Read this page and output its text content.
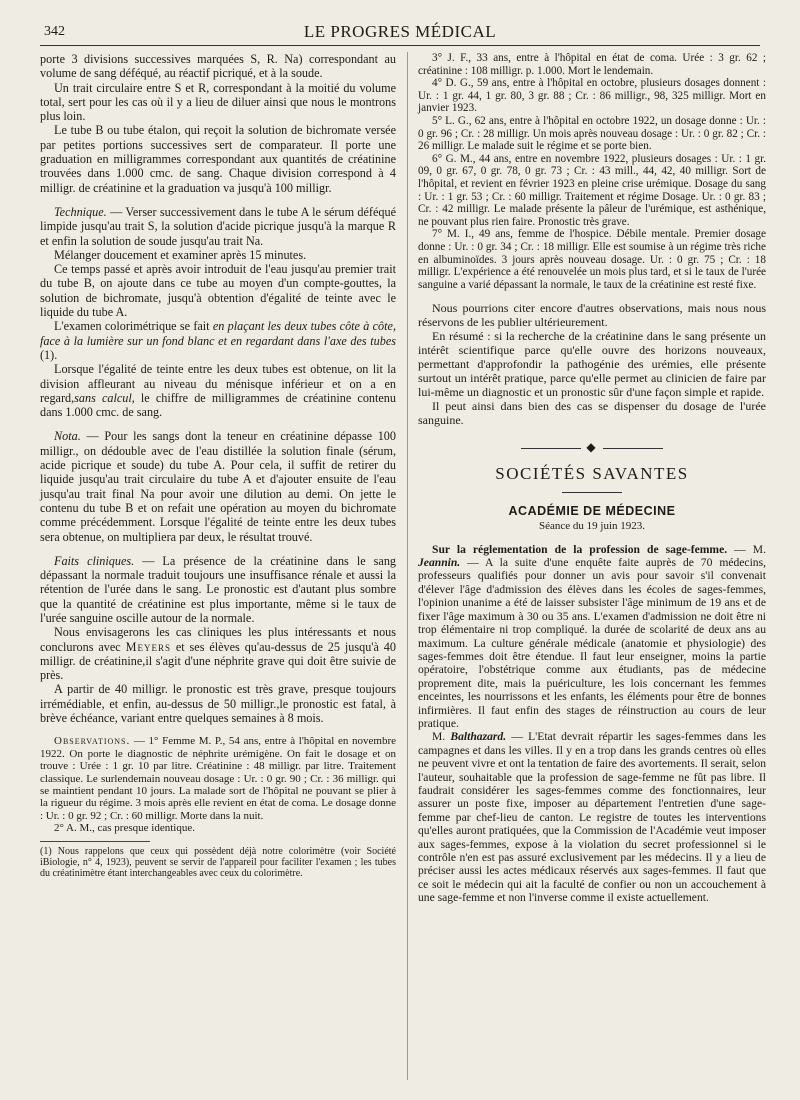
342	LE PROGRES MÉDICAL

porte 3 divisions successives marquées S, R. Na) correspondant au volume de sang déféqué, au réactif picriqué, et à la soude.

Un trait circulaire entre S et R, correspondant à la moitié du volume total, sert pour les cas où il y a lieu de diluer ainsi que nous le montrons plus loin.

Le tube B ou tube étalon, qui reçoit la solution de bichromate versée par petites portions successives sert de comparateur. Il porte une graduation en milligrammes correspondant aux quantités de créatinine trouvées dans 1.000 cmc. de sang. Chaque division correspond à 4 milligr. de créatinine et la graduation va jusqu'à 100 milligr.

Technique. — Verser successivement dans le tube A le sérum déféqué limpide jusqu'au trait S, la solution d'acide picrique jusqu'à la marque R et enfin la solution de soude jusqu'au trait Na.

Mélanger doucement et examiner après 15 minutes.

Ce temps passé et après avoir introduit de l'eau jusqu'au premier trait du tube B, on ajoute dans ce tube au moyen d'un compte-gouttes, la solution de bichromate, jusqu'à obtention d'égalité de teinte avec le liquide du tube A.

L'examen colorimétrique se fait en plaçant les deux tubes côte à côte, face à la lumière sur un fond blanc et en regardant dans l'axe des tubes (1).

Lorsque l'égalité de teinte entre les deux tubes est obtenue, on lit la division affleurant au niveau du ménisque inférieur et on a en regard,sans calcul, le chiffre de milligrammes de créatinine contenu dans 1.000 cmc. de sang.

Nota. — Pour les sangs dont la teneur en créatinine dépasse 100 milligr., on dédouble avec de l'eau distillée la solution finale (sérum, acide picrique et soude) du tube A. Pour cela, il suffit de retirer du liquide jusqu'au trait circulaire du tube A et d'ajouter ensuite de l'eau jusqu'au trait final Na pour avoir une dilution au demi. On jette le contenu du tube B et on refait une opération au moyen du bichromate comme précédemment. Lorsque l'égalité de teinte entre les deux tubes sera obtenue, on multipliera par deux, le résultat trouvé.

Faits cliniques. — La présence de la créatinine dans le sang dépassant la normale traduit toujours une insuffisance rénale et aussi la rétention de l'urée dans le sang. Le pronostic est d'autant plus sombre que la quantité de créatinine est plus importante, même si le taux de l'urée sanguine oscille autour de la normale.

Nous envisagerons les cas cliniques les plus intéressants et nous conclurons avec Meyers et ses élèves qu'au-dessus de 25 jusqu'à 40 milligr. de créatinine,il s'agit d'une néphrite grave qui doit être suivie de près.

A partir de 40 milligr. le pronostic est très grave, presque toujours irrémédiable, et enfin, au-dessus de 50 milligr.,le pronostic est fatal, à brève échéance, variant entre quelques semaines à 8 mois.

Observations. — 1° Femme M. P., 54 ans, entre à l'hôpital en novembre 1922. On porte le diagnostic de néphrite urémigène. On fait le dosage et on trouve : Urée : 1 gr. 10 par litre. Créatinine : 48 milligr. par litre. Traitement classique. Le surlendemain nouveau dosage : Ur. : 0 gr. 90 ; Cr. : 36 milligr. qui se maintient pendant 10 jours. La malade sort de l'hôpital ne pouvant se plier à la rigueur du régime. 3 mois après elle revient en état de coma. Le dosage donne : Ur. : 0 gr. 92 ; Cr. : 60 milligr. Morte dans la nuit.

2° A. M., cas presque identique.

(1) Nous rappelons que ceux qui possèdent déjà notre colorimètre (voir Société iBiologie, n° 4, 1923), peuvent se servir de l'appareil pour faciliter l'examen ; les tubes du créatinimètre étant interchangeables avec ceux du colorimètre.

3° J. F., 33 ans, entre à l'hôpital en état de coma. Urée : 3 gr. 62 ; créatinine : 108 milligr. p. 1.000. Mort le lendemain.

4° D. G., 59 ans, entre à l'hôpital en octobre, plusieurs dosages donnent : Ur. : 1 gr. 44, 1 gr. 80, 3 gr. 88 ; Cr. : 86 milligr., 98, 325 milligr. Mort en janvier 1923.

5° L. G., 62 ans, entre à l'hôpital en octobre 1922, un dosage donne : Ur. : 0 gr. 96 ; Cr. : 28 milligr. Un mois après nouveau dosage : Ur. : 0 gr. 82 ; Cr. : 26 milligr. Le malade suit le régime et se porte bien.

6° G. M., 44 ans, entre en novembre 1922, plusieurs dosages : Ur. : 1 gr. 09, 0 gr. 67, 0 gr. 78, 0 gr. 73 ; Cr. : 43 mill., 44, 42, 40 milligr. Sort de l'hôpital, et revient en février 1923 en pleine crise urémique. Dosage du sang : Ur. : 1 gr. 53 ; Cr. : 60 milligr. Traitement et régime Dosage. Ur. : 0 gr. 83 ; Cr. : 42 milligr. Le malade présente la pâleur de l'urémique, est asthénique, ne pouvant plus rien faire. Pronostic très grave.

7° M. I., 49 ans, femme de l'hospice. Débile mentale. Premier dosage donne : Ur. : 0 gr. 34 ; Cr. : 18 milligr. Elle est soumise à un régime très riche en albuminoïdes. 3 jours après nouveau dosage. Ur. : 0 gr. 75 ; Cr. : 18 milligr. L'expérience a été renouvelée un mois plus tard, et si le taux de l'urée sanguine a varié dépassant la normale, le taux de la créatinine est resté fixe.

Nous pourrions citer encore d'autres observations, mais nous nous réservons de les publier ultérieurement.

En résumé : si la recherche de la créatinine dans le sang présente un intérêt scientifique parce qu'elle ouvre des horizons nouveaux, permettant d'approfondir la pathogénie des urémies, elle présente surtout un intérêt pratique, parce qu'elle permet au clinicien de faire par lui-même un diagnostic et un pronostic sûr d'une façon simple et rapide.

Il peut ainsi dans bien des cas se dispenser du dosage de l'urée sanguine.

◆
SOCIÉTÉS SAVANTES
ACADÉMIE DE MÉDECINE
Séance du 19 juin 1923.

Sur la réglementation de la profession de sage-femme. — M. Jeannin. — A la suite d'une enquête faite auprès de 70 médecins, professeurs qualifiés pour donner un avis pour savoir s'il convenait d'élever l'âge d'admission des élèves dans les écoles de sages-femmes, l'opinion unanime a été de laisser subsister l'âge minimum de 19 ans et de fixer l'âge maximum à 30 ou 35 ans. L'examen d'admission ne doit être ni trop élémentaire ni trop compliqué. la durée de scolarité de deux ans au maximum. La culture générale médicale (anatomie et physiologie) des sages-femmes doit être étendue. Il faut leur enseigner, moins la partie opératoire, l'obstétrique comme aux étudiants, pas de médecine proprement dite, mais la puériculture, les lois concernant les femmes enceintes, les nourrissons et les enfants, les éléments pour être de bonnes infirmières. Il faut enfin des stages de réinstruction au cours de leur pratique.

M. Balthazard. — L'Etat devrait répartir les sages-femmes dans les campagnes et dans les villes. Il y en a trop dans les grands centres où elles ne peuvent vivre et ont la tentation de faire des avortements. Il serait, selon l'auteur, souhaitable que la profession de sage-femme ne fût pas libre. Il faudrait considérer les sages-femmes comme des fonctionnaires, leur assurer un poste fixe, imposer au département l'entretien d'une sage-femme par chef-lieu de canton. Le registre de toutes les interventions qu'elles auront pratiquées, que la Commission de l'Académie veut imposer aux sages-femmes, expose à la violation du secret professionnel si le contrôle n'en est pas assuré exclusivement par les médecins. Il y a lieu de préciser aussi les actes médicaux réservés aux sages-femmes. Il faut que ce soit le médecin qui ait la faculté de confier ou non un accouchement à une sage-femme et non l'inverse comme il existe actuellement.
